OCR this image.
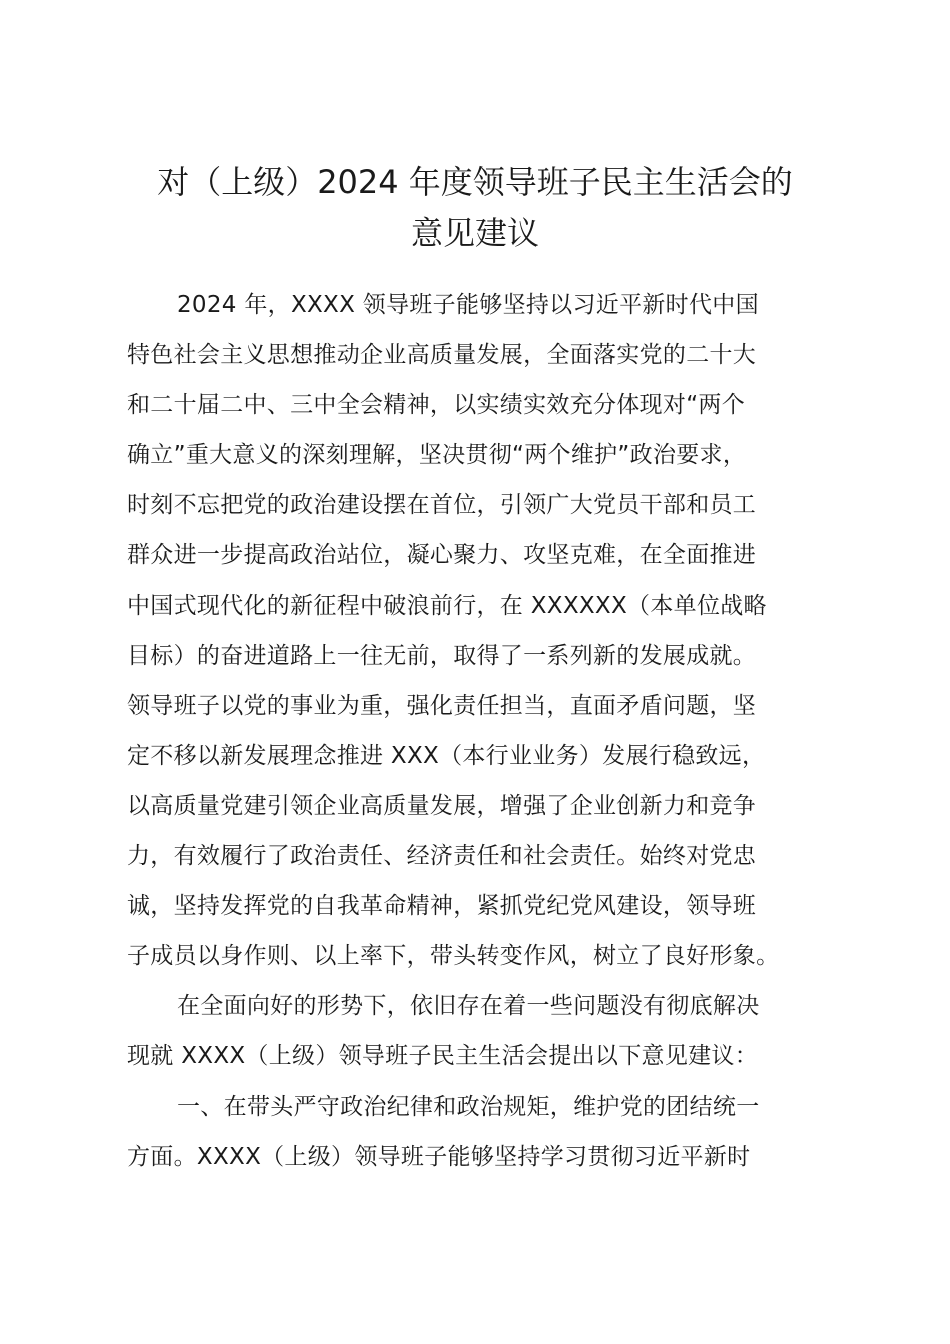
对（上级）2024 年度领导班子民主生活会的
意见建议
2024 年，XXXX 领导班子能够坚持以习近平新时代中国
特色社会主义思想推动企业高质量发展，全面落实党的二十大
和二十届二中、三中全会精神，以实绩实效充分体现对“两个
确立”重大意义的深刻理解，坚决贯彻“两个维护”政治要求，
时刻不忘把党的政治建设摆在首位，引领广大党员干部和员工
群众进一步提高政治站位，凝心聚力、攻坚克难，在全面推进
中国式现代化的新征程中破浪前行，在 XXXXXX（本单位战略
目标）的奋进道路上一往无前，取得了一系列新的发展成就。
领导班子以党的事业为重，强化责任担当，直面矛盾问题，坚
定不移以新发展理念推进 XXX（本行业业务）发展行稳致远，
以高质量党建引领企业高质量发展，增强了企业创新力和竞争
力，有效履行了政治责任、经济责任和社会责任。始终对党忠
诚，坚持发挥党的自我革命精神，紧抓党纪党风建设，领导班
子成员以身作则、以上率下，带头转变作风，树立了良好形象。
在全面向好的形势下，依旧存在着一些问题没有彻底解决
现就 XXXX（上级）领导班子民主生活会提出以下意见建议：
一、在带头严守政治纪律和政治规矩，维护党的团结统一
方面。XXXX（上级）领导班子能够坚持学习贯彻习近平新时
